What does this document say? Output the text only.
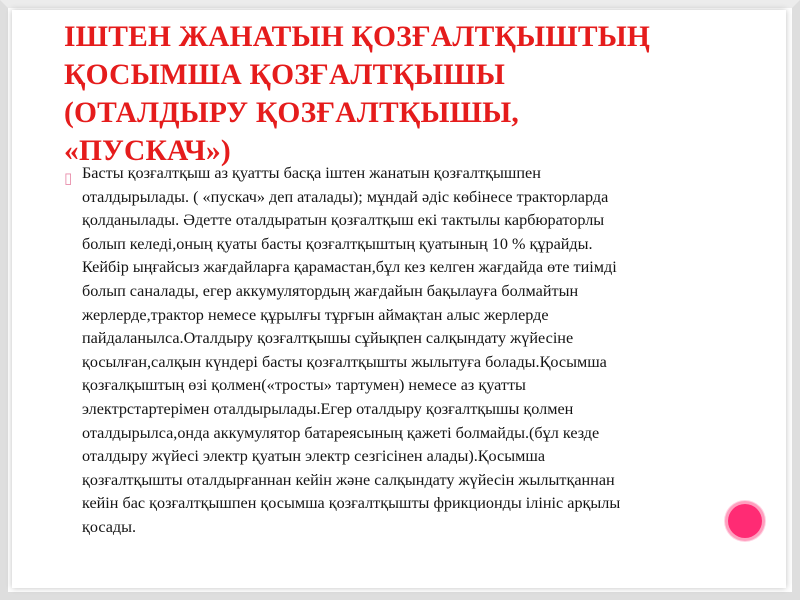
ІШТЕН ЖАНАТЫН ҚОЗҒАЛТҚЫШТЫҢ
ҚОСЫМША ҚОЗҒАЛТҚЫШЫ
(ОТАЛДЫРУ ҚОЗҒАЛТҚЫШЫ,
«ПУСКАЧ»)
▯ Басты қозғалтқыш аз қуатты басқа іштен жанатын қозғалтқышпен
оталдырылады. ( «пускач» деп аталады); мұндай әдіс көбінесе тракторларда
қолданылады. Әдетте оталдыратын қозғалтқыш екі тактылы карбюраторлы
болып келеді,оның қуаты басты қозғалтқыштың қуатының 10 % құрайды.
Кейбір ыңғайсыз жағдайларға қарамастан,бұл кез келген жағдайда өте тиімді
болып саналады, егер аккумулятордың жағдайын бақылауға болмайтын
жерлерде,трактор немесе құрылғы тұрғын аймақтан алыс жерлерде
пайдаланылса.Оталдыру қозғалтқышы сұйықпен салқындату жүйесіне
қосылған,салқын күндері басты қозғалтқышты жылытуға болады.Қосымша
қозғалқыштың өзі қолмен(«тросты» тартумен) немесе аз қуатты
электрстартерімен оталдырылады.Егер оталдыру қозғалтқышы қолмен
оталдырылса,онда аккумулятор батареясының қажеті болмайды.(бұл кезде
оталдыру жүйесі электр қуатын электр сезгісінен алады).Қосымша
қозғалтқышты оталдырғаннан кейін және салқындату жүйесін жылытқаннан
кейін бас қозғалтқышпен қосымша қозғалтқышты фрикционды ілініс арқылы
қосады.
